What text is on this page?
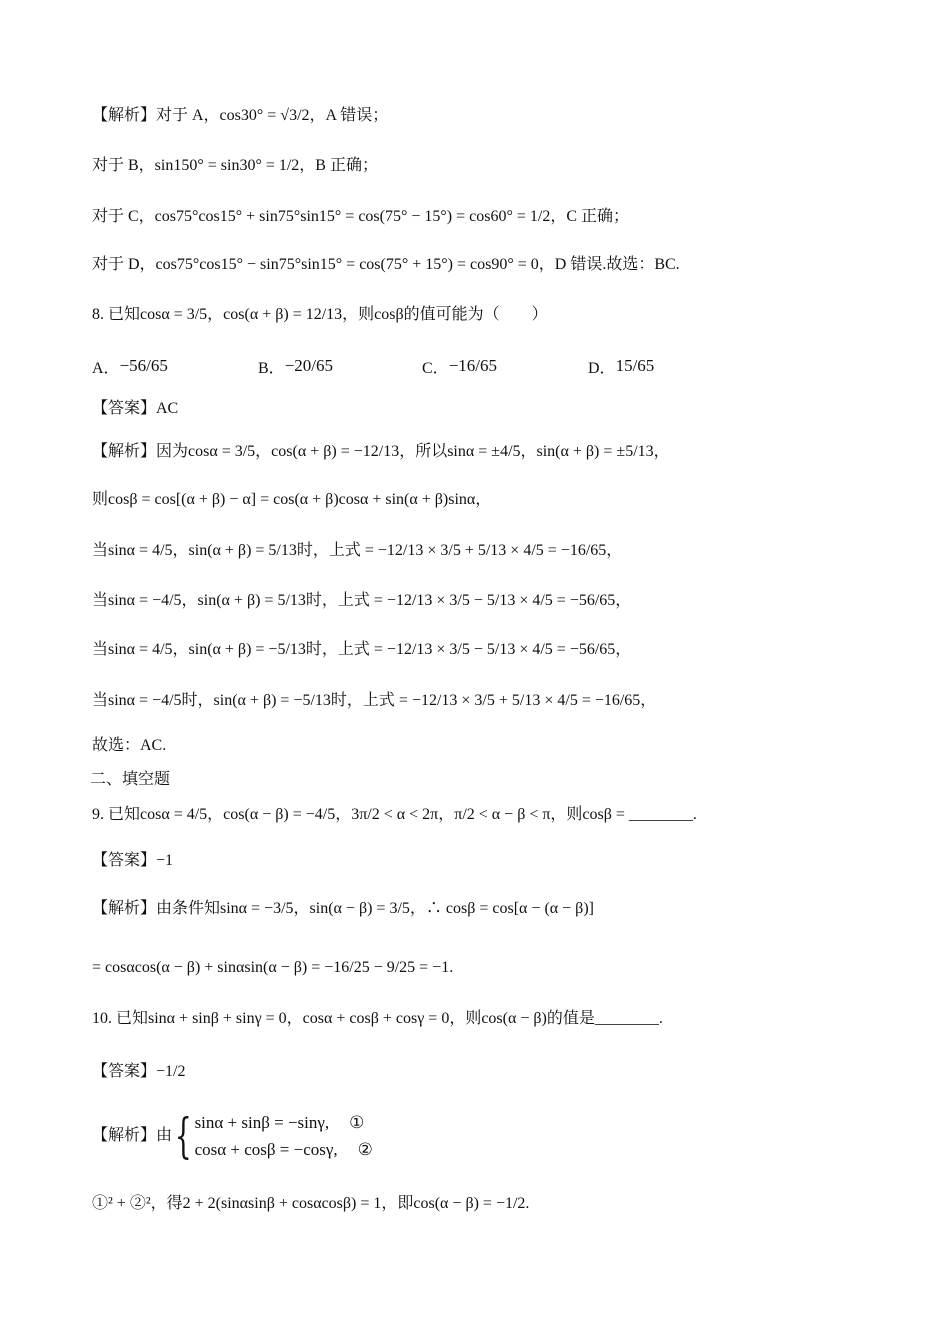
【解析】对于 A，cos30° = √3/2，A 错误；
对于 B，sin150° = sin30° = 1/2，B 正确；
对于 C，cos75°cos15° + sin75°sin15° = cos(75° − 15°) = cos60° = 1/2，C 正确；
对于 D，cos75°cos15° − sin75°sin15° = cos(75° + 15°) = cos90° = 0，D 错误.故选：BC.
8. 已知cosα = 3/5，cos(α + β) = 12/13，则cosβ的值可能为（　　）
A． −56/65	B． −20/65	C． −16/65	D． 15/65
【答案】AC
【解析】因为cosα = 3/5，cos(α + β) = −12/13，所以sinα = ±4/5，sin(α + β) = ±5/13，
则cosβ = cos[(α + β) − α] = cos(α + β)cosα + sin(α + β)sinα，
当sinα = 4/5，sin(α + β) = 5/13时，上式 = −12/13 × 3/5 + 5/13 × 4/5 = −16/65，
当sinα = −4/5，sin(α + β) = 5/13时，上式 = −12/13 × 3/5 − 5/13 × 4/5 = −56/65，
当sinα = 4/5，sin(α + β) = −5/13时，上式 = −12/13 × 3/5 − 5/13 × 4/5 = −56/65，
当sinα = −4/5时，sin(α + β) = −5/13时，上式 = −12/13 × 3/5 + 5/13 × 4/5 = −16/65，
故选：AC.
二、填空题
9. 已知cosα = 4/5，cos(α − β) = −4/5，3π/2 < α < 2π，π/2 < α − β < π，则cosβ = ________.
【答案】−1
【解析】由条件知sinα = −3/5，sin(α − β) = 3/5，∴ cosβ = cos[α − (α − β)]
= cosαcos(α − β) + sinαsin(α − β) = −16/25 − 9/25 = −1.
10. 已知sinα + sinβ + sinγ = 0，cosα + cosβ + cosγ = 0，则cos(α − β)的值是________.
【答案】−1/2
【解析】由 { sinα + sinβ = −sinγ, ①
cosα + cosβ = −cosγ, ②
①² + ②²，得2 + 2(sinαsinβ + cosαcosβ) = 1，即cos(α − β) = −1/2.
